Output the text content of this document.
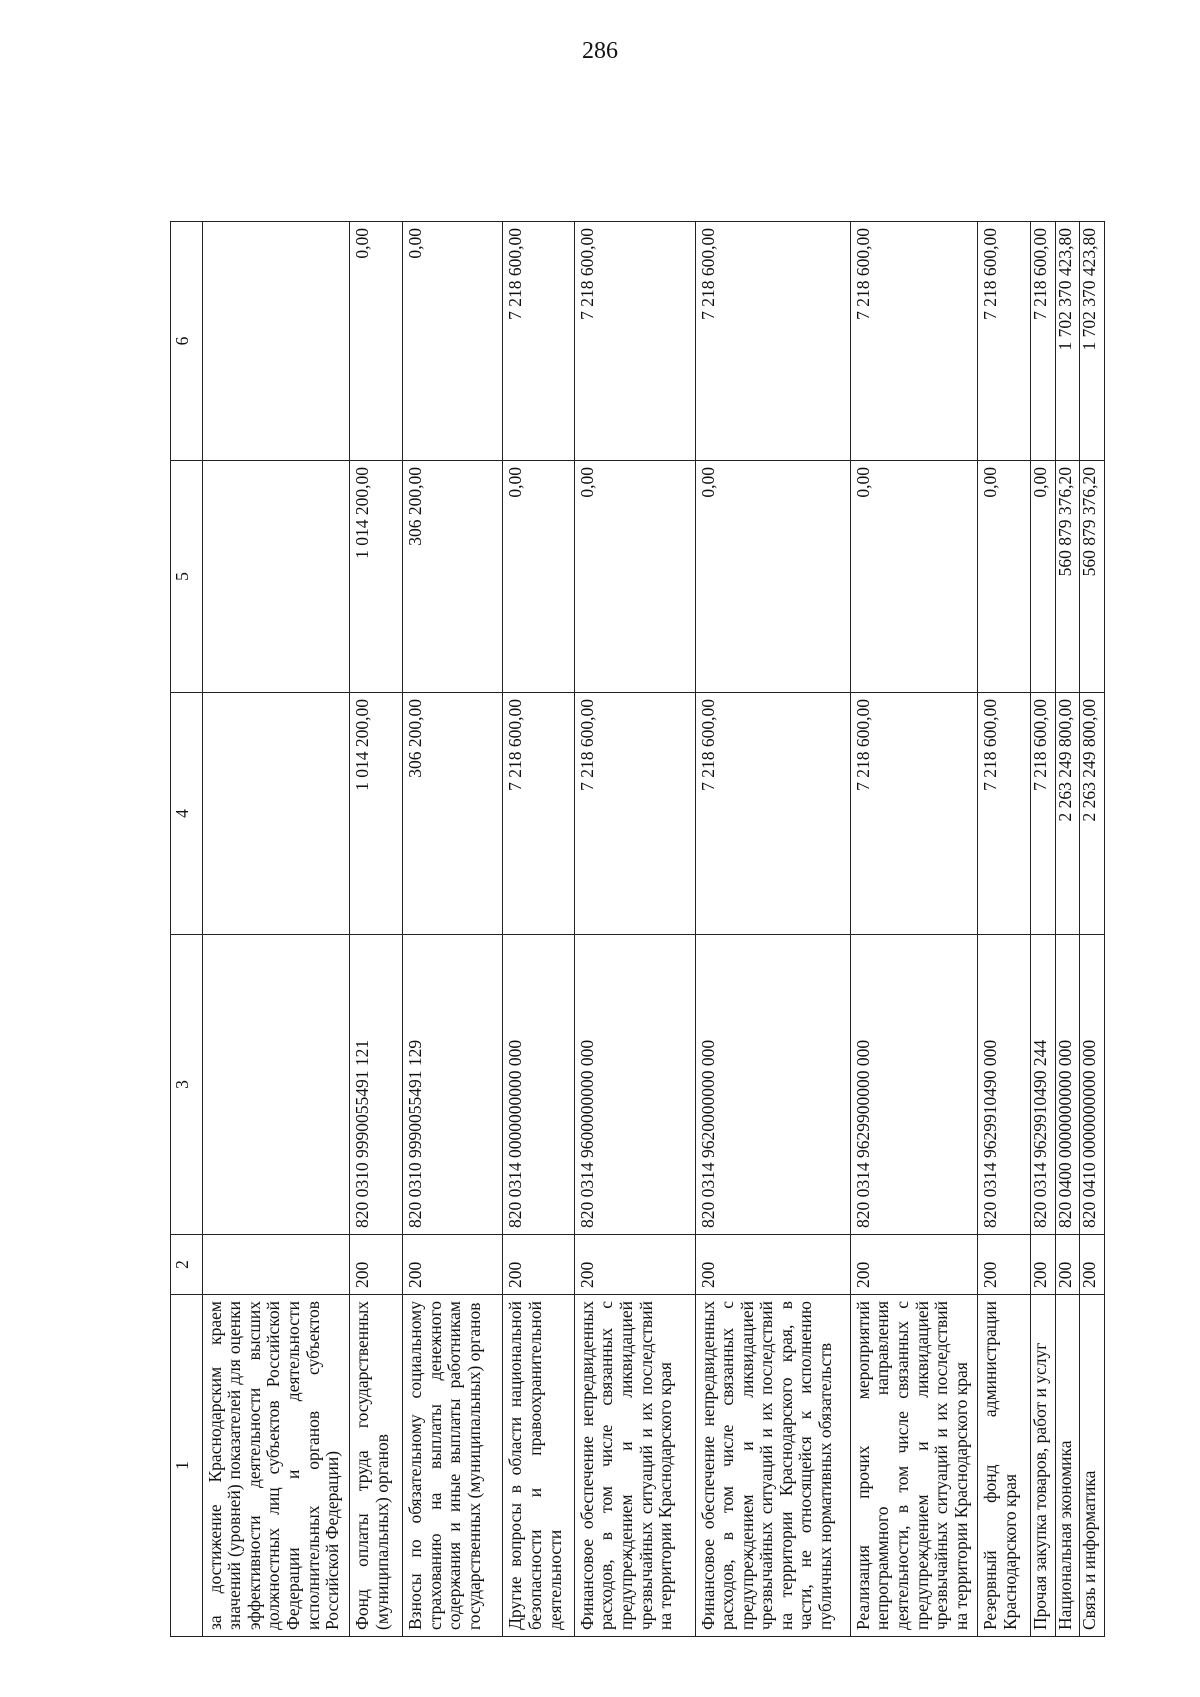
286
1	2	3	4	5	6
за достижение Краснодарским краем значений (уровней) показателей для оценки эффективности деятельности высших должностных лиц субъектов Российской Федерации и деятельности исполнительных органов субъектов Российской Федерации)					
Фонд оплаты труда государственных (муниципальных) органов	200	820 0310 9990055491 121	1 014 200,00	1 014 200,00	0,00
Взносы по обязательному социальному страхованию на выплаты денежного содержания и иные выплаты работникам государственных (муниципальных) органов	200	820 0310 9990055491 129	306 200,00	306 200,00	0,00
Другие вопросы в области национальной безопасности и правоохранительной деятельности	200	820 0314 0000000000 000	7 218 600,00	0,00	7 218 600,00
Финансовое обеспечение непредвиденных расходов, в том числе связанных с предупреждением и ликвидацией чрезвычайных ситуаций и их последствий на территории Краснодарского края	200	820 0314 9600000000 000	7 218 600,00	0,00	7 218 600,00
Финансовое обеспечение непредвиденных расходов, в том числе связанных с предупреждением и ликвидацией чрезвычайных ситуаций и их последствий на территории Краснодарского края, в части, не относящейся к исполнению публичных нормативных обязательств	200	820 0314 9620000000 000	7 218 600,00	0,00	7 218 600,00
Реализация прочих мероприятий непрограммного направления деятельности, в том числе связанных с предупреждением и ликвидацией чрезвычайных ситуаций и их последствий на территории Краснодарского края	200	820 0314 9629900000 000	7 218 600,00	0,00	7 218 600,00
Резервный фонд администрации Краснодарского края	200	820 0314 9629910490 000	7 218 600,00	0,00	7 218 600,00
Прочая закупка товаров, работ и услуг	200	820 0314 9629910490 244	7 218 600,00	0,00	7 218 600,00
Национальная экономика	200	820 0400 0000000000 000	2 263 249 800,00	560 879 376,20	1 702 370 423,80
Связь и информатика	200	820 0410 0000000000 000	2 263 249 800,00	560 879 376,20	1 702 370 423,80
